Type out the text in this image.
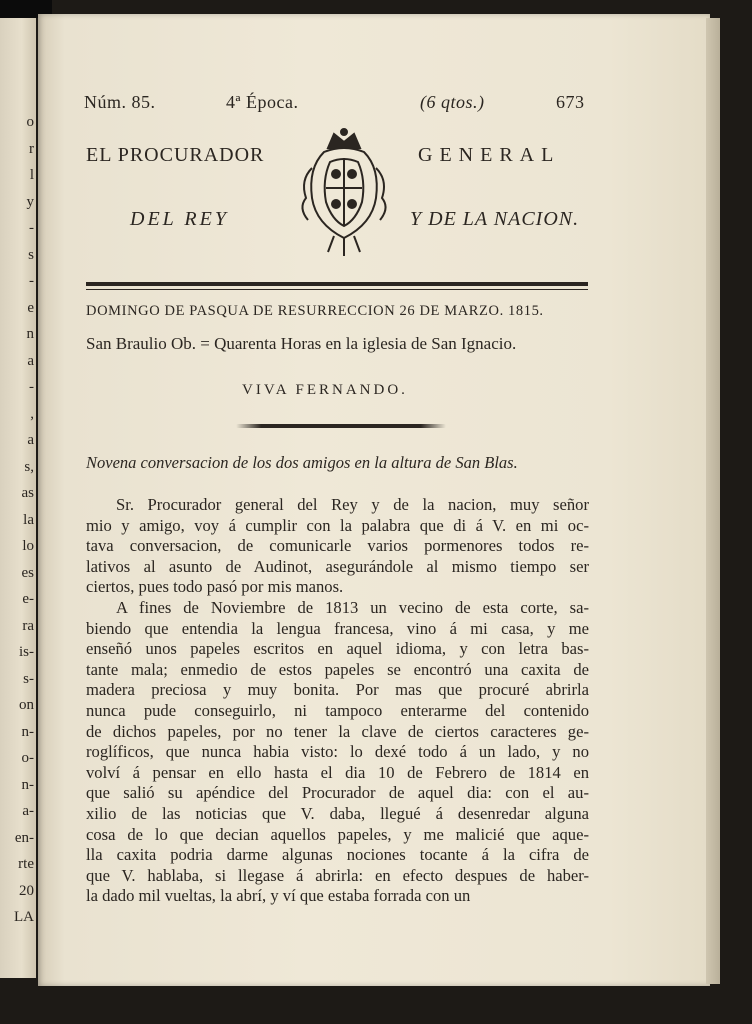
o
r
l
y
-
s
-
e
n
a
-
,
a
s,
as
la
lo
es
e-
ra
is-
s-
on
n-
o-
n-
a-
en-
rte
20
LA
Núm. 85.	4ª Época.	(6 qtos.)	673
EL PROCURADOR	GENERAL
DEL REY	Y DE LA NACION.
DOMINGO DE PASQUA DE RESURRECCION 26 DE MARZO. 1815.
San Braulio Ob. = Quarenta Horas en la iglesia de San Ignacio.
VIVA FERNANDO.
Novena conversacion de los dos amigos en la altura de San Blas.
Sr. Procurador general del Rey y de la nacion, muy señor
mio y amigo, voy á cumplir con la palabra que di á V. en mi oc-
tava conversacion, de comunicarle varios pormenores todos re-
lativos al asunto de Audinot, asegurándole al mismo tiempo ser
ciertos, pues todo pasó por mis manos.
A fines de Noviembre de 1813 un vecino de esta corte, sa-
biendo que entendia la lengua francesa, vino á mi casa, y me
enseñó unos papeles escritos en aquel idioma, y con letra bas-
tante mala; enmedio de estos papeles se encontró una caxita de
madera preciosa y muy bonita. Por mas que procuré abrirla
nunca pude conseguirlo, ni tampoco enterarme del contenido
de dichos papeles, por no tener la clave de ciertos caracteres ge-
roglíficos, que nunca habia visto: lo dexé todo á un lado, y no
volví á pensar en ello hasta el dia 10 de Febrero de 1814 en
que salió su apéndice del Procurador de aquel dia: con el au-
xilio de las noticias que V. daba, llegué á desenredar alguna
cosa de lo que decian aquellos papeles, y me malicié que aque-
lla caxita podria darme algunas nociones tocante á la cifra de
que V. hablaba, si llegase á abrirla: en efecto despues de haber-
la dado mil vueltas, la abrí, y ví que estaba forrada con un
